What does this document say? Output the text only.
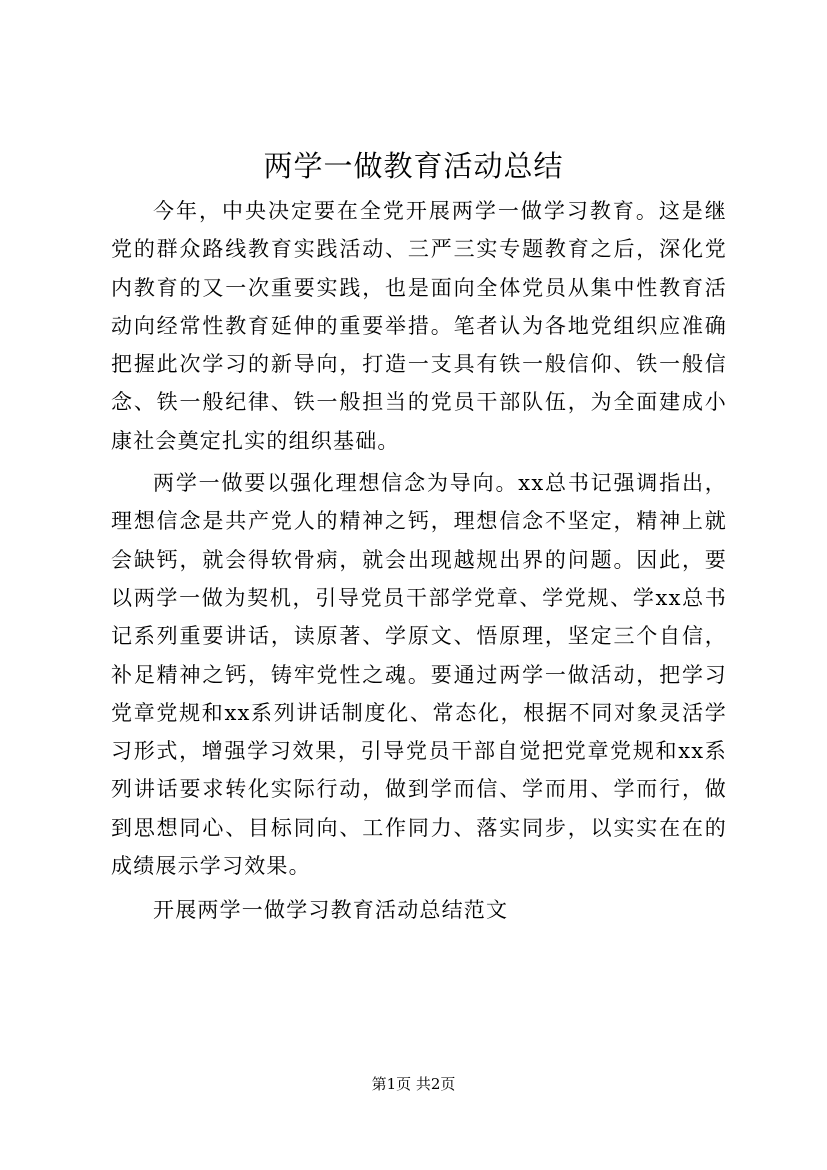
两学一做教育活动总结

今年，中央决定要在全党开展两学一做学习教育。这是继党的群众路线教育实践活动、三严三实专题教育之后，深化党内教育的又一次重要实践，也是面向全体党员从集中性教育活动向经常性教育延伸的重要举措。笔者认为各地党组织应准确把握此次学习的新导向，打造一支具有铁一般信仰、铁一般信念、铁一般纪律、铁一般担当的党员干部队伍，为全面建成小康社会奠定扎实的组织基础。

两学一做要以强化理想信念为导向。xx总书记强调指出，理想信念是共产党人的精神之钙，理想信念不坚定，精神上就会缺钙，就会得软骨病，就会出现越规出界的问题。因此，要以两学一做为契机，引导党员干部学党章、学党规、学xx总书记系列重要讲话，读原著、学原文、悟原理，坚定三个自信，补足精神之钙，铸牢党性之魂。要通过两学一做活动，把学习党章党规和xx系列讲话制度化、常态化，根据不同对象灵活学习形式，增强学习效果，引导党员干部自觉把党章党规和xx系列讲话要求转化实际行动，做到学而信、学而用、学而行，做到思想同心、目标同向、工作同力、落实同步，以实实在在的成绩展示学习效果。

开展两学一做学习教育活动总结范文

第1页 共2页
